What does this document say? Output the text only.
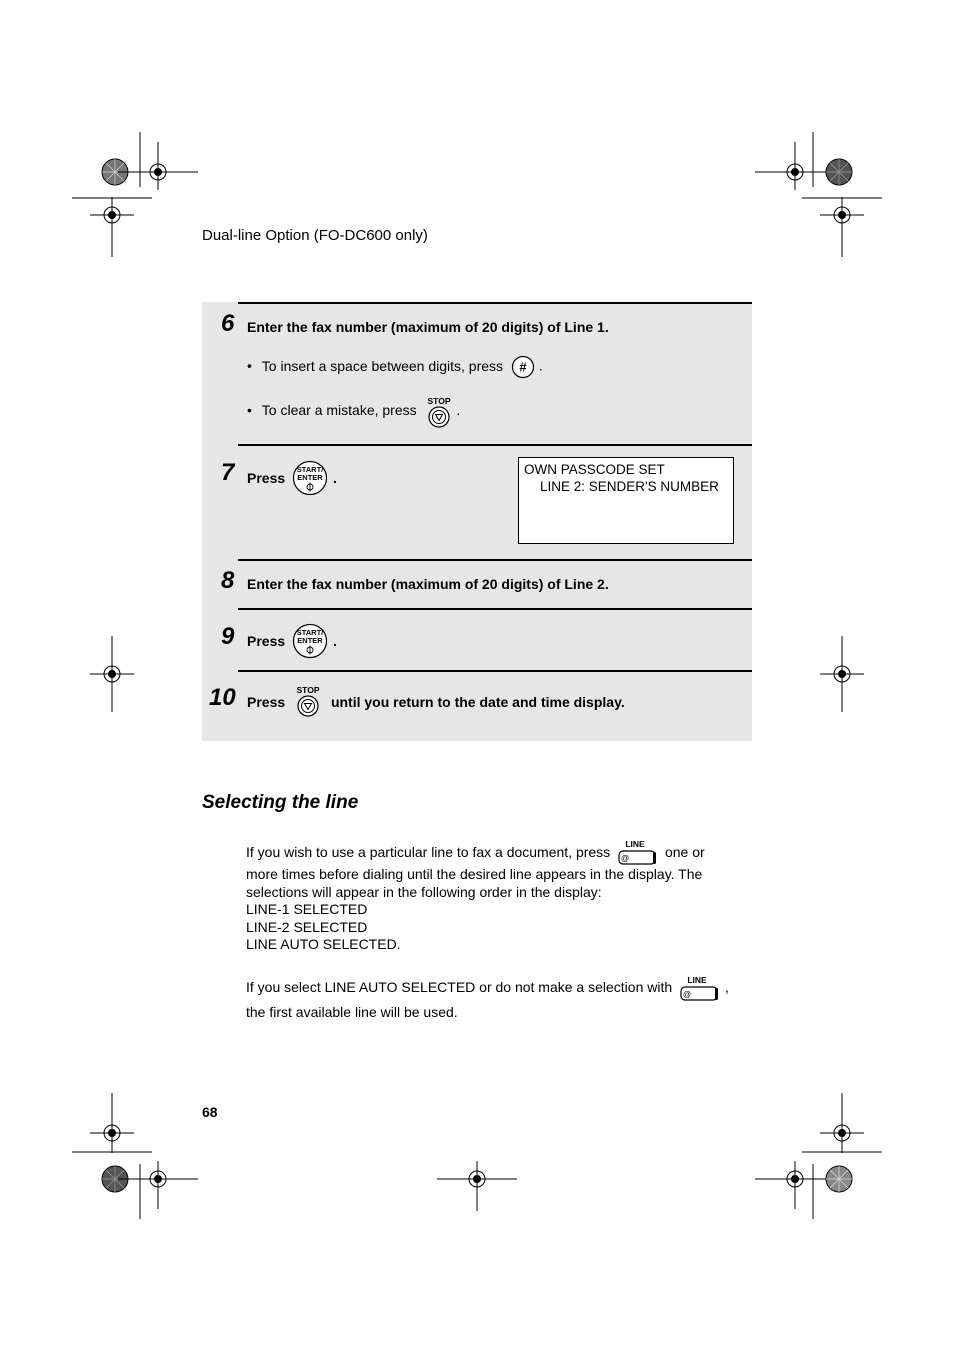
Dual-line Option (FO-DC600 only)
6 Enter the fax number (maximum of 20 digits) of Line 1.
• To insert a space between digits, press # .
• To clear a mistake, press
STOP
.
7 Press
START/
ENTER .
OWN PASSCODE SET
LINE 2: SENDER'S NUMBER
8 Enter the fax number (maximum of 20 digits) of Line 2.
9 Press
START/
ENTER .
10 Press
STOP
until you return to the date and time display.
Selecting the line
If you wish to use a particular line to fax a document, press LINE
@	one or
more times before dialing until the desired line appears in the display. The
selections will appear in the following order in the display:
LINE-1 SELECTED
LINE-2 SELECTED
LINE AUTO SELECTED.
If you select LINE AUTO SELECTED or do not make a selection with LINE
@ ,
the first available line will be used.
68
